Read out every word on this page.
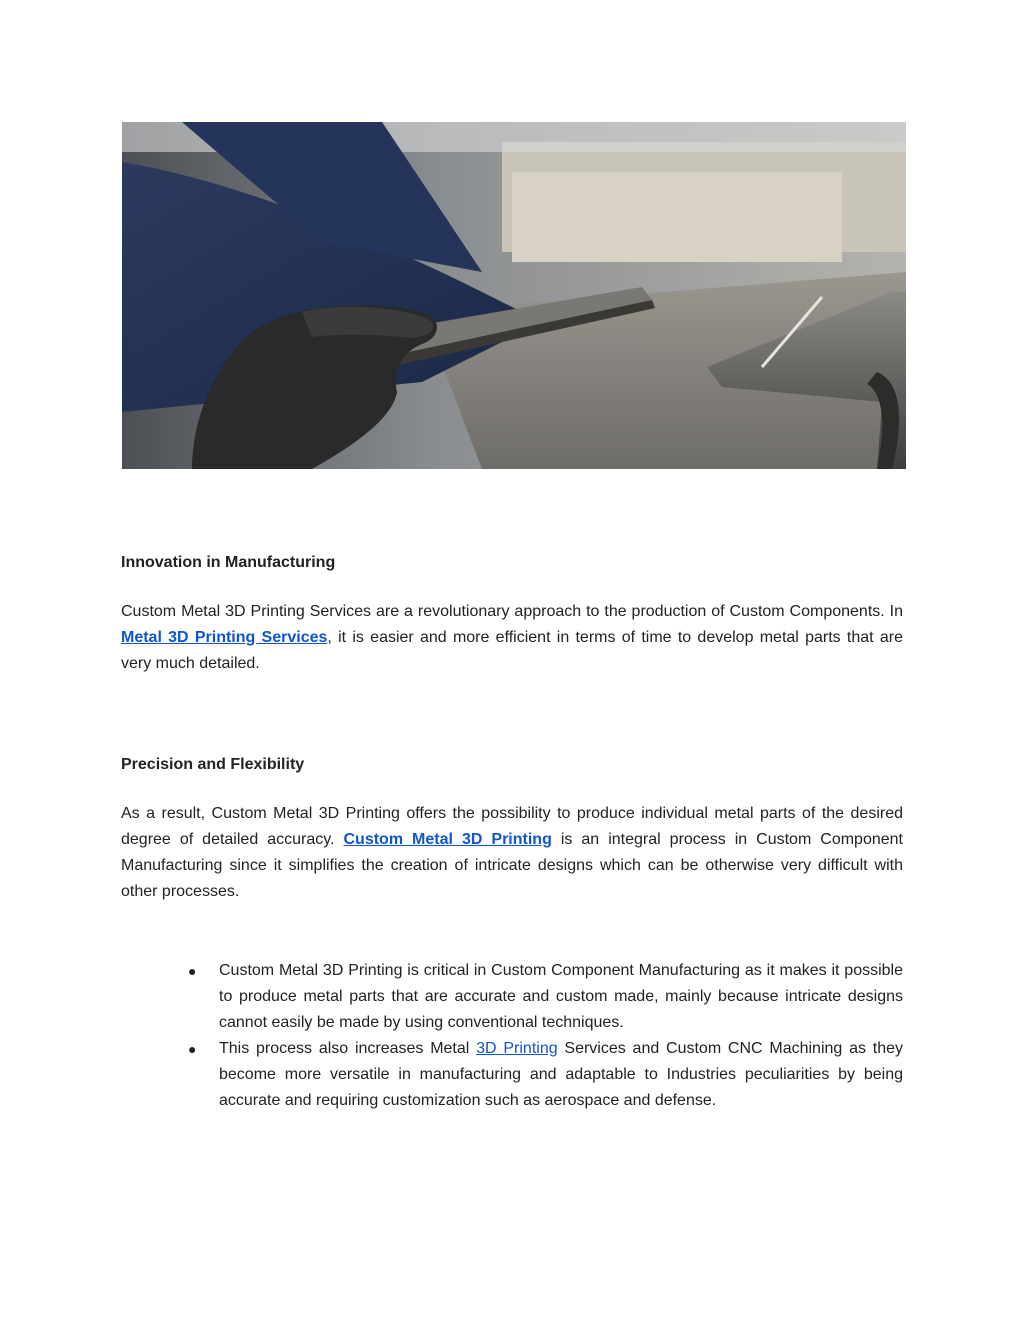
Innovation in Manufacturing

Custom Metal 3D Printing Services are a revolutionary approach to the production of Custom Components. In Metal 3D Printing Services, it is easier and more efficient in terms of time to develop metal parts that are very much detailed.

Precision and Flexibility

As a result, Custom Metal 3D Printing offers the possibility to produce individual metal parts of the desired degree of detailed accuracy. Custom Metal 3D Printing is an integral process in Custom Component Manufacturing since it simplifies the creation of intricate designs which can be otherwise very difficult with other processes.

●	Custom Metal 3D Printing is critical in Custom Component Manufacturing as it makes it possible to produce metal parts that are accurate and custom made, mainly because intricate designs cannot easily be made by using conventional techniques.
●	This process also increases Metal 3D Printing Services and Custom CNC Machining as they become more versatile in manufacturing and adaptable to Industries peculiarities by being accurate and requiring customization such as aerospace and defense.
